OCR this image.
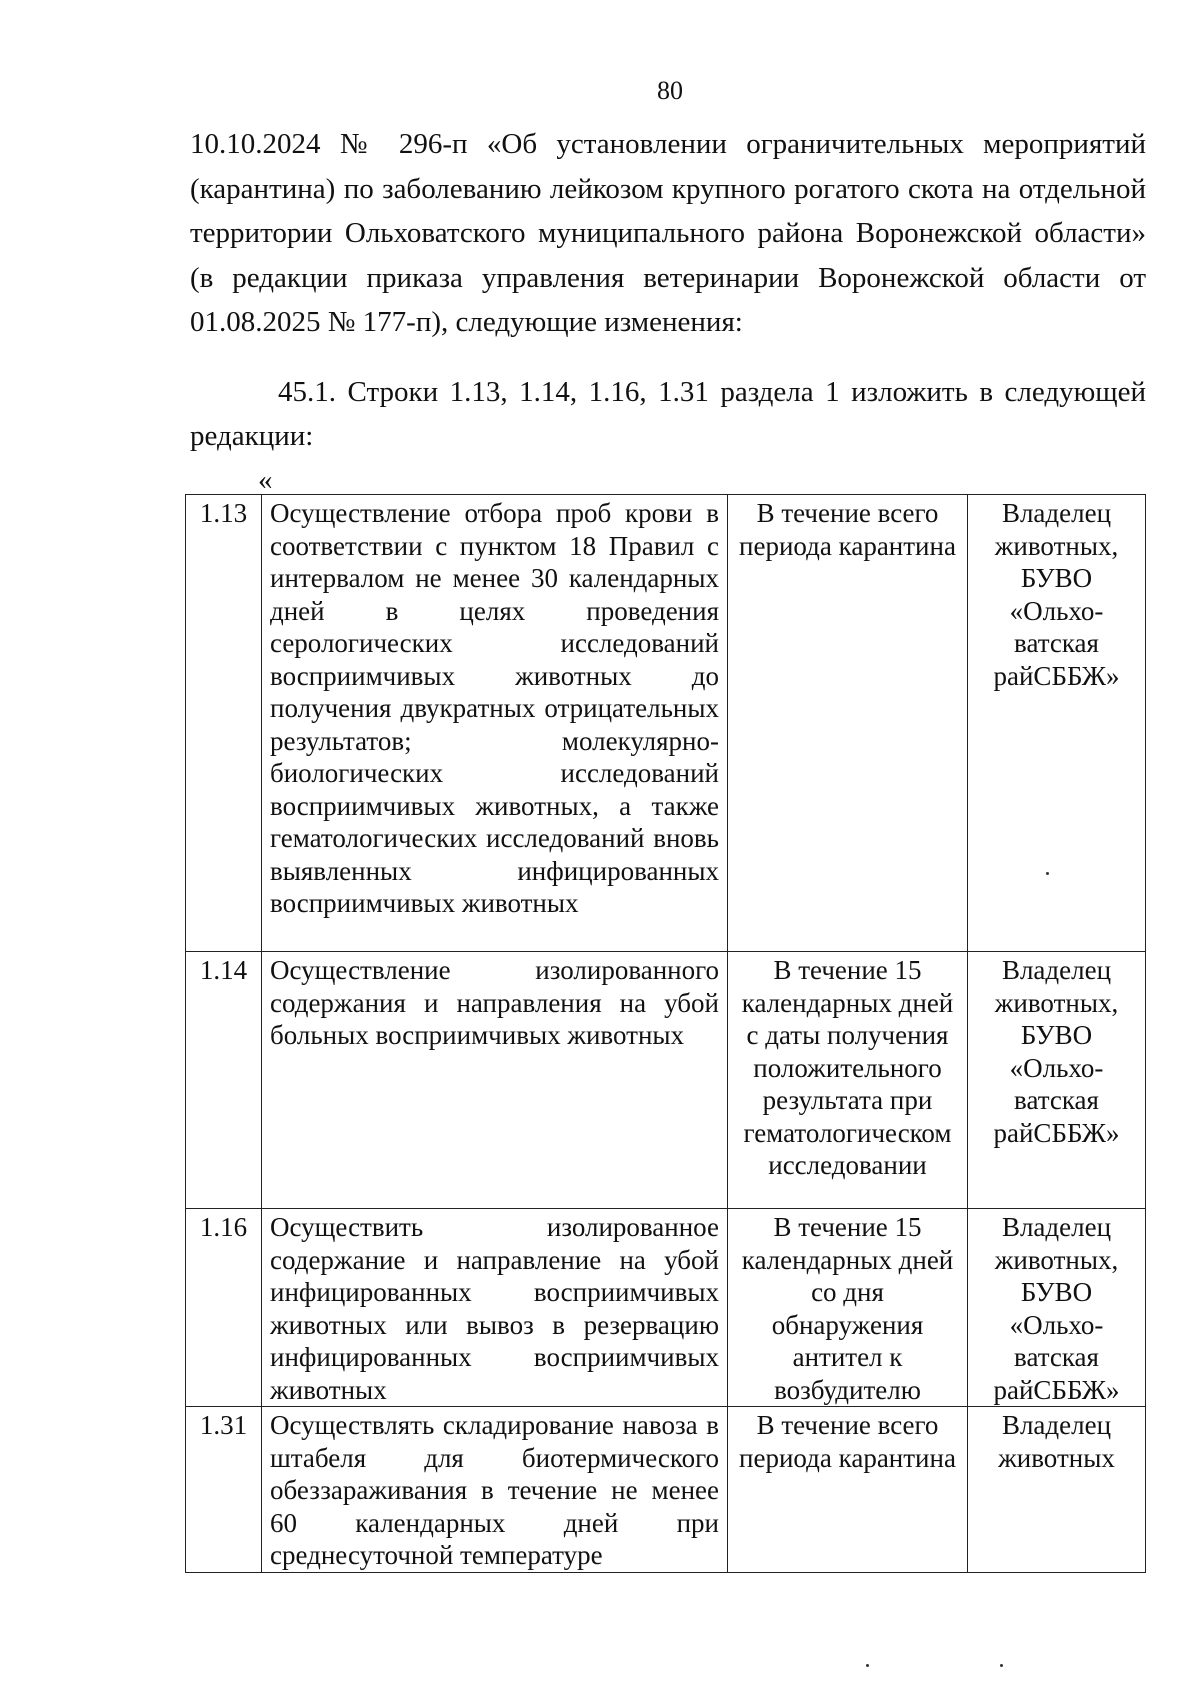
80

10.10.2024 № 296-п «Об установлении ограничительных мероприятий (карантина) по заболеванию лейкозом крупного рогатого скота на отдельной территории Ольховатского муниципального района Воронежской области» (в редакции приказа управления ветеринарии Воронежской области от 01.08.2025 № 177-п), следующие изменения:

45.1. Строки 1.13, 1.14, 1.16, 1.31 раздела 1 изложить в следующей редакции:
«
1.13	Осуществление отбора проб крови в соответствии с пунктом 18 Правил с интервалом не менее 30 календарных дней в целях проведения серологических исследований восприимчивых животных до получения двукратных отрицательных результатов; молекулярно-биологических исследований восприимчивых животных, а также гематологических исследований вновь выявленных инфицированных восприимчивых животных	В течение всего периода карантина	Владелец животных, БУВО «Ольхо-ватская райСББЖ»

1.14	Осуществление изолированного содержания и направления на убой больных восприимчивых животных	В течение 15 календарных дней с даты получения положительного результата при гематологическом исследовании	Владелец животных, БУВО «Ольхо-ватская райСББЖ»

1.16	Осуществить изолированное содержание и направление на убой инфицированных восприимчивых животных или вывоз в резервацию инфицированных восприимчивых животных	В течение 15 календарных дней со дня обнаружения антител к возбудителю	Владелец животных, БУВО «Ольхо-ватская райСББЖ»

1.31	Осуществлять складирование навоза в штабеля для биотермического обеззараживания в течение не менее 60 календарных дней при среднесуточной температуре	В течение всего периода карантина	Владелец животных
